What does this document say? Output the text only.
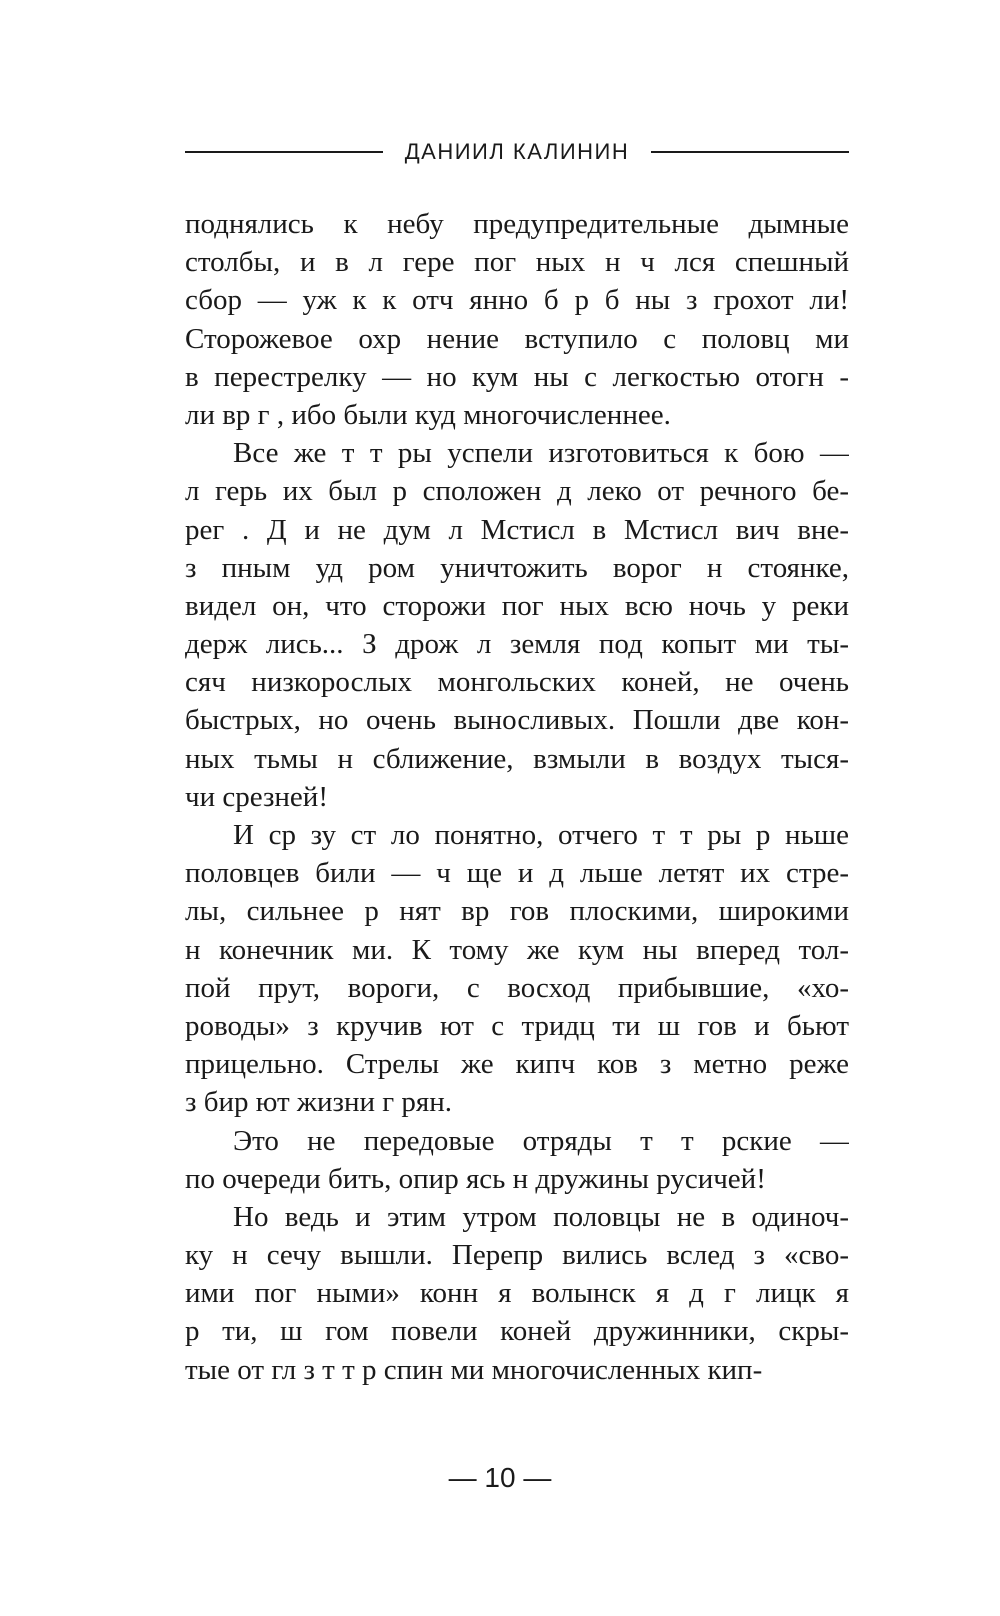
ДАНИИЛ КАЛИНИН
поднялись к небу предупредительные дымные
столбы, и в л гере пог ных н ч лся спешный
сбор — уж к к отч янно б р б ны з грохот ли!
Сторожевое охр нение вступило с половц ми
в перестрелку — но кум ны с легкостью отогн -
ли вр г , ибо были куд многочисленнее.
Все же т т ры успели изготовиться к бою —
л герь их был р сположен д леко от речного бе-
рег . Д и не дум л Мстисл в Мстисл вич вне-
з пным уд ром уничтожить ворог н стоянке,
видел он, что сторожи пог ных всю ночь у реки
держ лись... З дрож л земля под копыт ми ты-
сяч низкорослых монгольских коней, не очень
быстрых, но очень выносливых. Пошли две кон-
ных тьмы н сближение, взмыли в воздух тыся-
чи срезней!
И ср зу ст ло понятно, отчего т т ры р ньше
половцев били — ч ще и д льше летят их стре-
лы, сильнее р нят вр гов плоскими, широкими
н конечник ми. К тому же кум ны вперед тол-
пой прут, вороги, с восход прибывшие, «хо-
роводы» з кручив ют с тридц ти ш гов и бьют
прицельно. Стрелы же кипч ков з метно реже
з бир ют жизни г рян.
Это не передовые отряды т т рские —
по очереди бить, опир ясь н дружины русичей!
Но ведь и этим утром половцы не в одиноч-
ку н сечу вышли. Перепр вились вслед з «сво-
ими пог ными» конн я волынск я д г лицк я
р ти, ш гом повели коней дружинники, скры-
тые от гл з т т р спин ми многочисленных кип-
— 10 —
